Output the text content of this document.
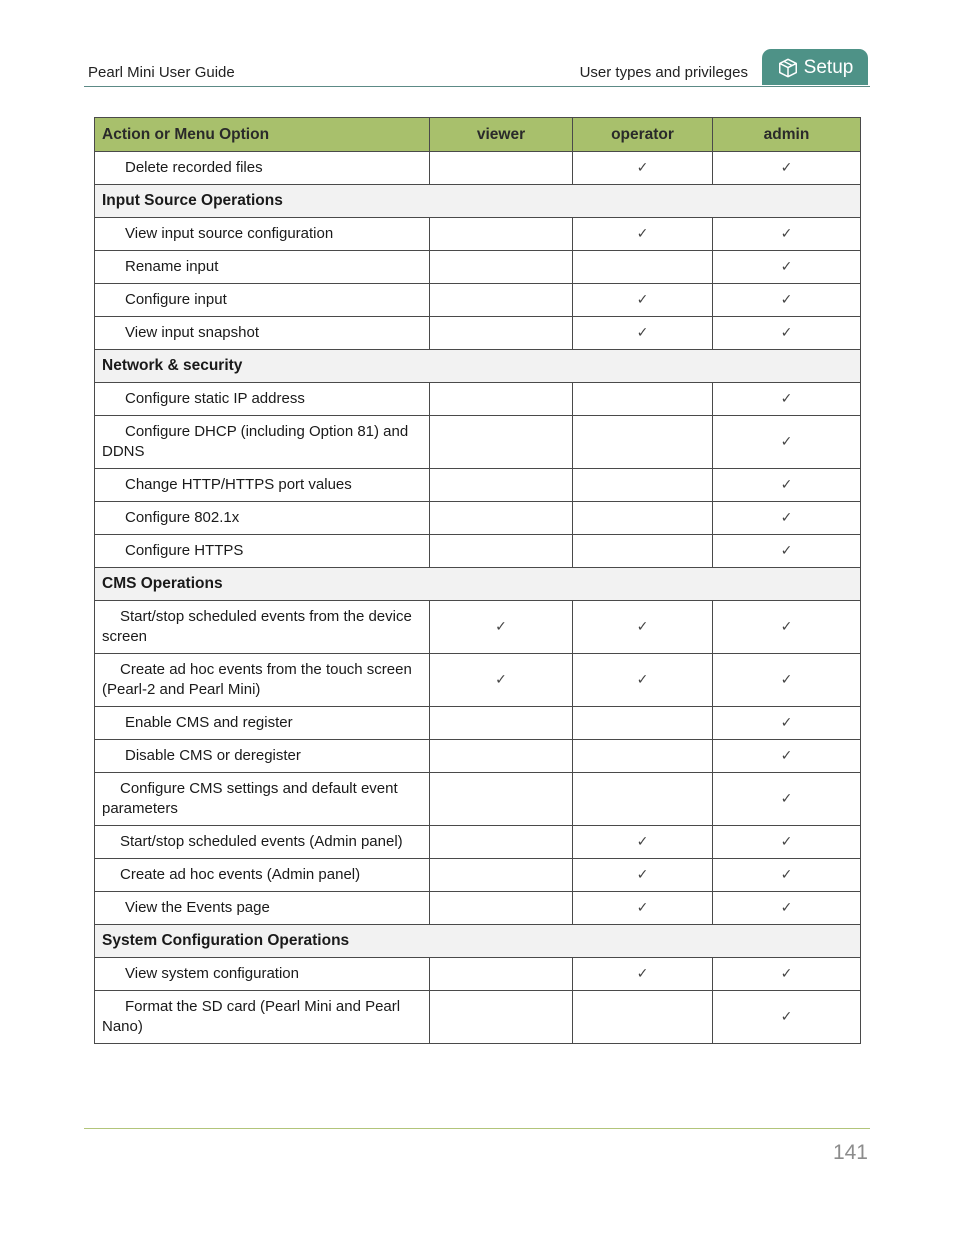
Pearl Mini User Guide	User types and privileges	Setup
Action or Menu Option	viewer	operator	admin
Delete recorded files		✓	✓
Input Source Operations			
View input source configuration		✓	✓
Rename input			✓
Configure input		✓	✓
View input snapshot		✓	✓
Network & security			
Configure static IP address			✓
Configure DHCP (including Option 81) and DDNS			✓
Change HTTP/HTTPS port values			✓
Configure 802.1x			✓
Configure HTTPS			✓
CMS Operations			
Start/stop scheduled events from the device screen	✓	✓	✓
Create ad hoc events from the touch screen (Pearl-2 and Pearl Mini)	✓	✓	✓
Enable CMS and register			✓
Disable CMS or deregister			✓
Configure CMS settings and default event parameters			✓
Start/stop scheduled events (Admin panel)		✓	✓
Create ad hoc events (Admin panel)		✓	✓
View the Events page		✓	✓
System Configuration Operations			
View system configuration		✓	✓
Format the SD card (Pearl Mini and Pearl Nano)			✓
141
